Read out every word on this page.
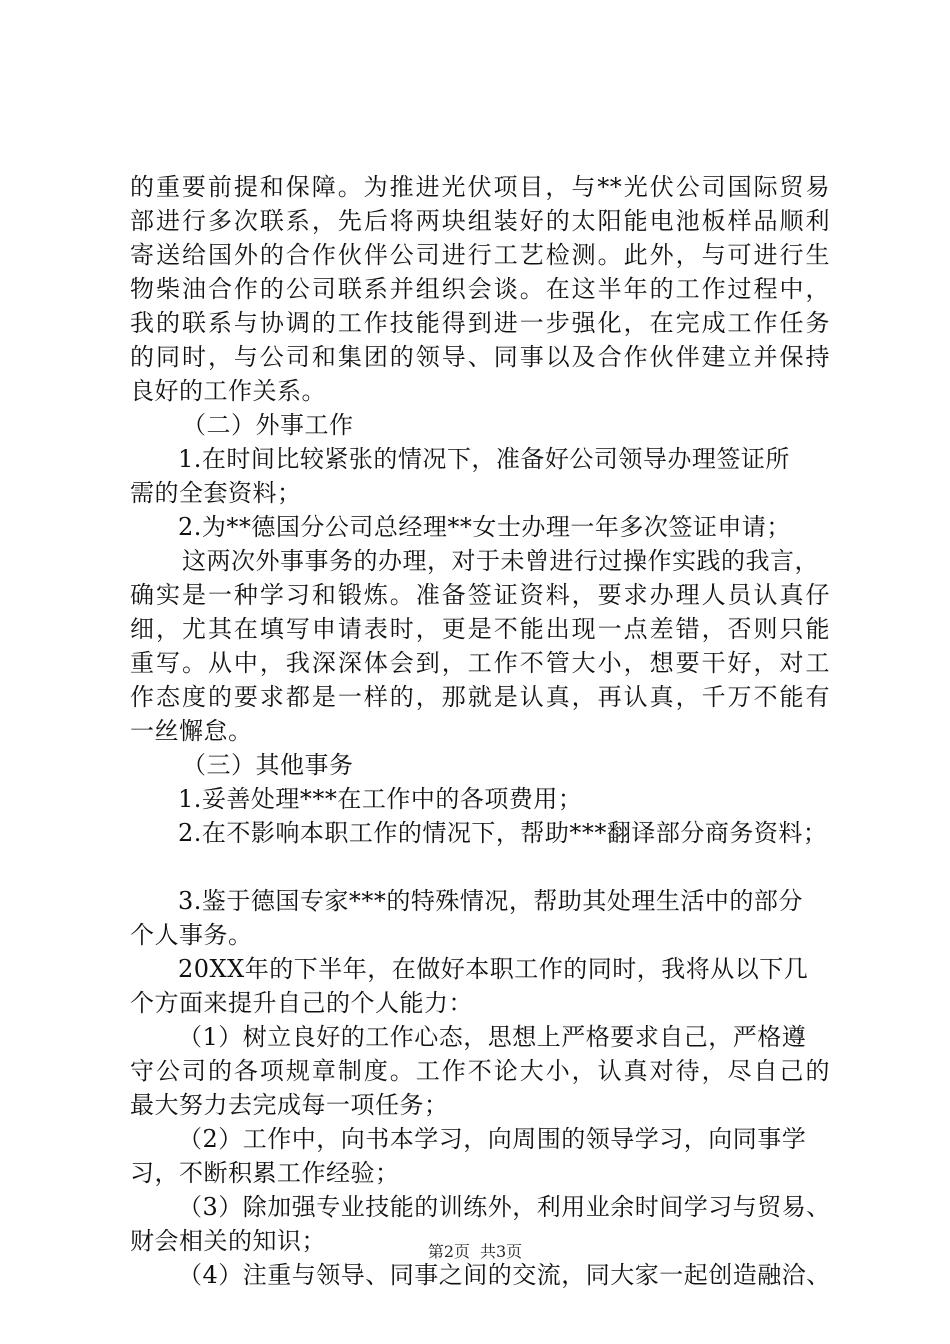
的重要前提和保障。为推进光伏项目，与**光伏公司国际贸易
部进行多次联系，先后将两块组装好的太阳能电池板样品顺利
寄送给国外的合作伙伴公司进行工艺检测。此外，与可进行生
物柴油合作的公司联系并组织会谈。在这半年的工作过程中，
我的联系与协调的工作技能得到进一步强化，在完成工作任务
的同时，与公司和集团的领导、同事以及合作伙伴建立并保持
良好的工作关系。
（二）外事工作
1.在时间比较紧张的情况下，准备好公司领导办理签证所
需的全套资料；
2.为**德国分公司总经理**女士办理一年多次签证申请；
这两次外事事务的办理，对于未曾进行过操作实践的我言，
确实是一种学习和锻炼。准备签证资料，要求办理人员认真仔
细，尤其在填写申请表时，更是不能出现一点差错，否则只能
重写。从中，我深深体会到，工作不管大小，想要干好，对工
作态度的要求都是一样的，那就是认真，再认真，千万不能有
一丝懈怠。
（三）其他事务
1.妥善处理***在工作中的各项费用；
2.在不影响本职工作的情况下，帮助***翻译部分商务资料；
3.鉴于德国专家***的特殊情况，帮助其处理生活中的部分
个人事务。
20XX年的下半年，在做好本职工作的同时，我将从以下几
个方面来提升自己的个人能力：
（1）树立良好的工作心态，思想上严格要求自己，严格遵
守公司的各项规章制度。工作不论大小，认真对待，尽自己的
最大努力去完成每一项任务；
（2）工作中，向书本学习，向周围的领导学习，向同事学
习，不断积累工作经验；
（3）除加强专业技能的训练外，利用业余时间学习与贸易、
财会相关的知识；
（4）注重与领导、同事之间的交流，同大家一起创造融洽、
第2页 共3页
